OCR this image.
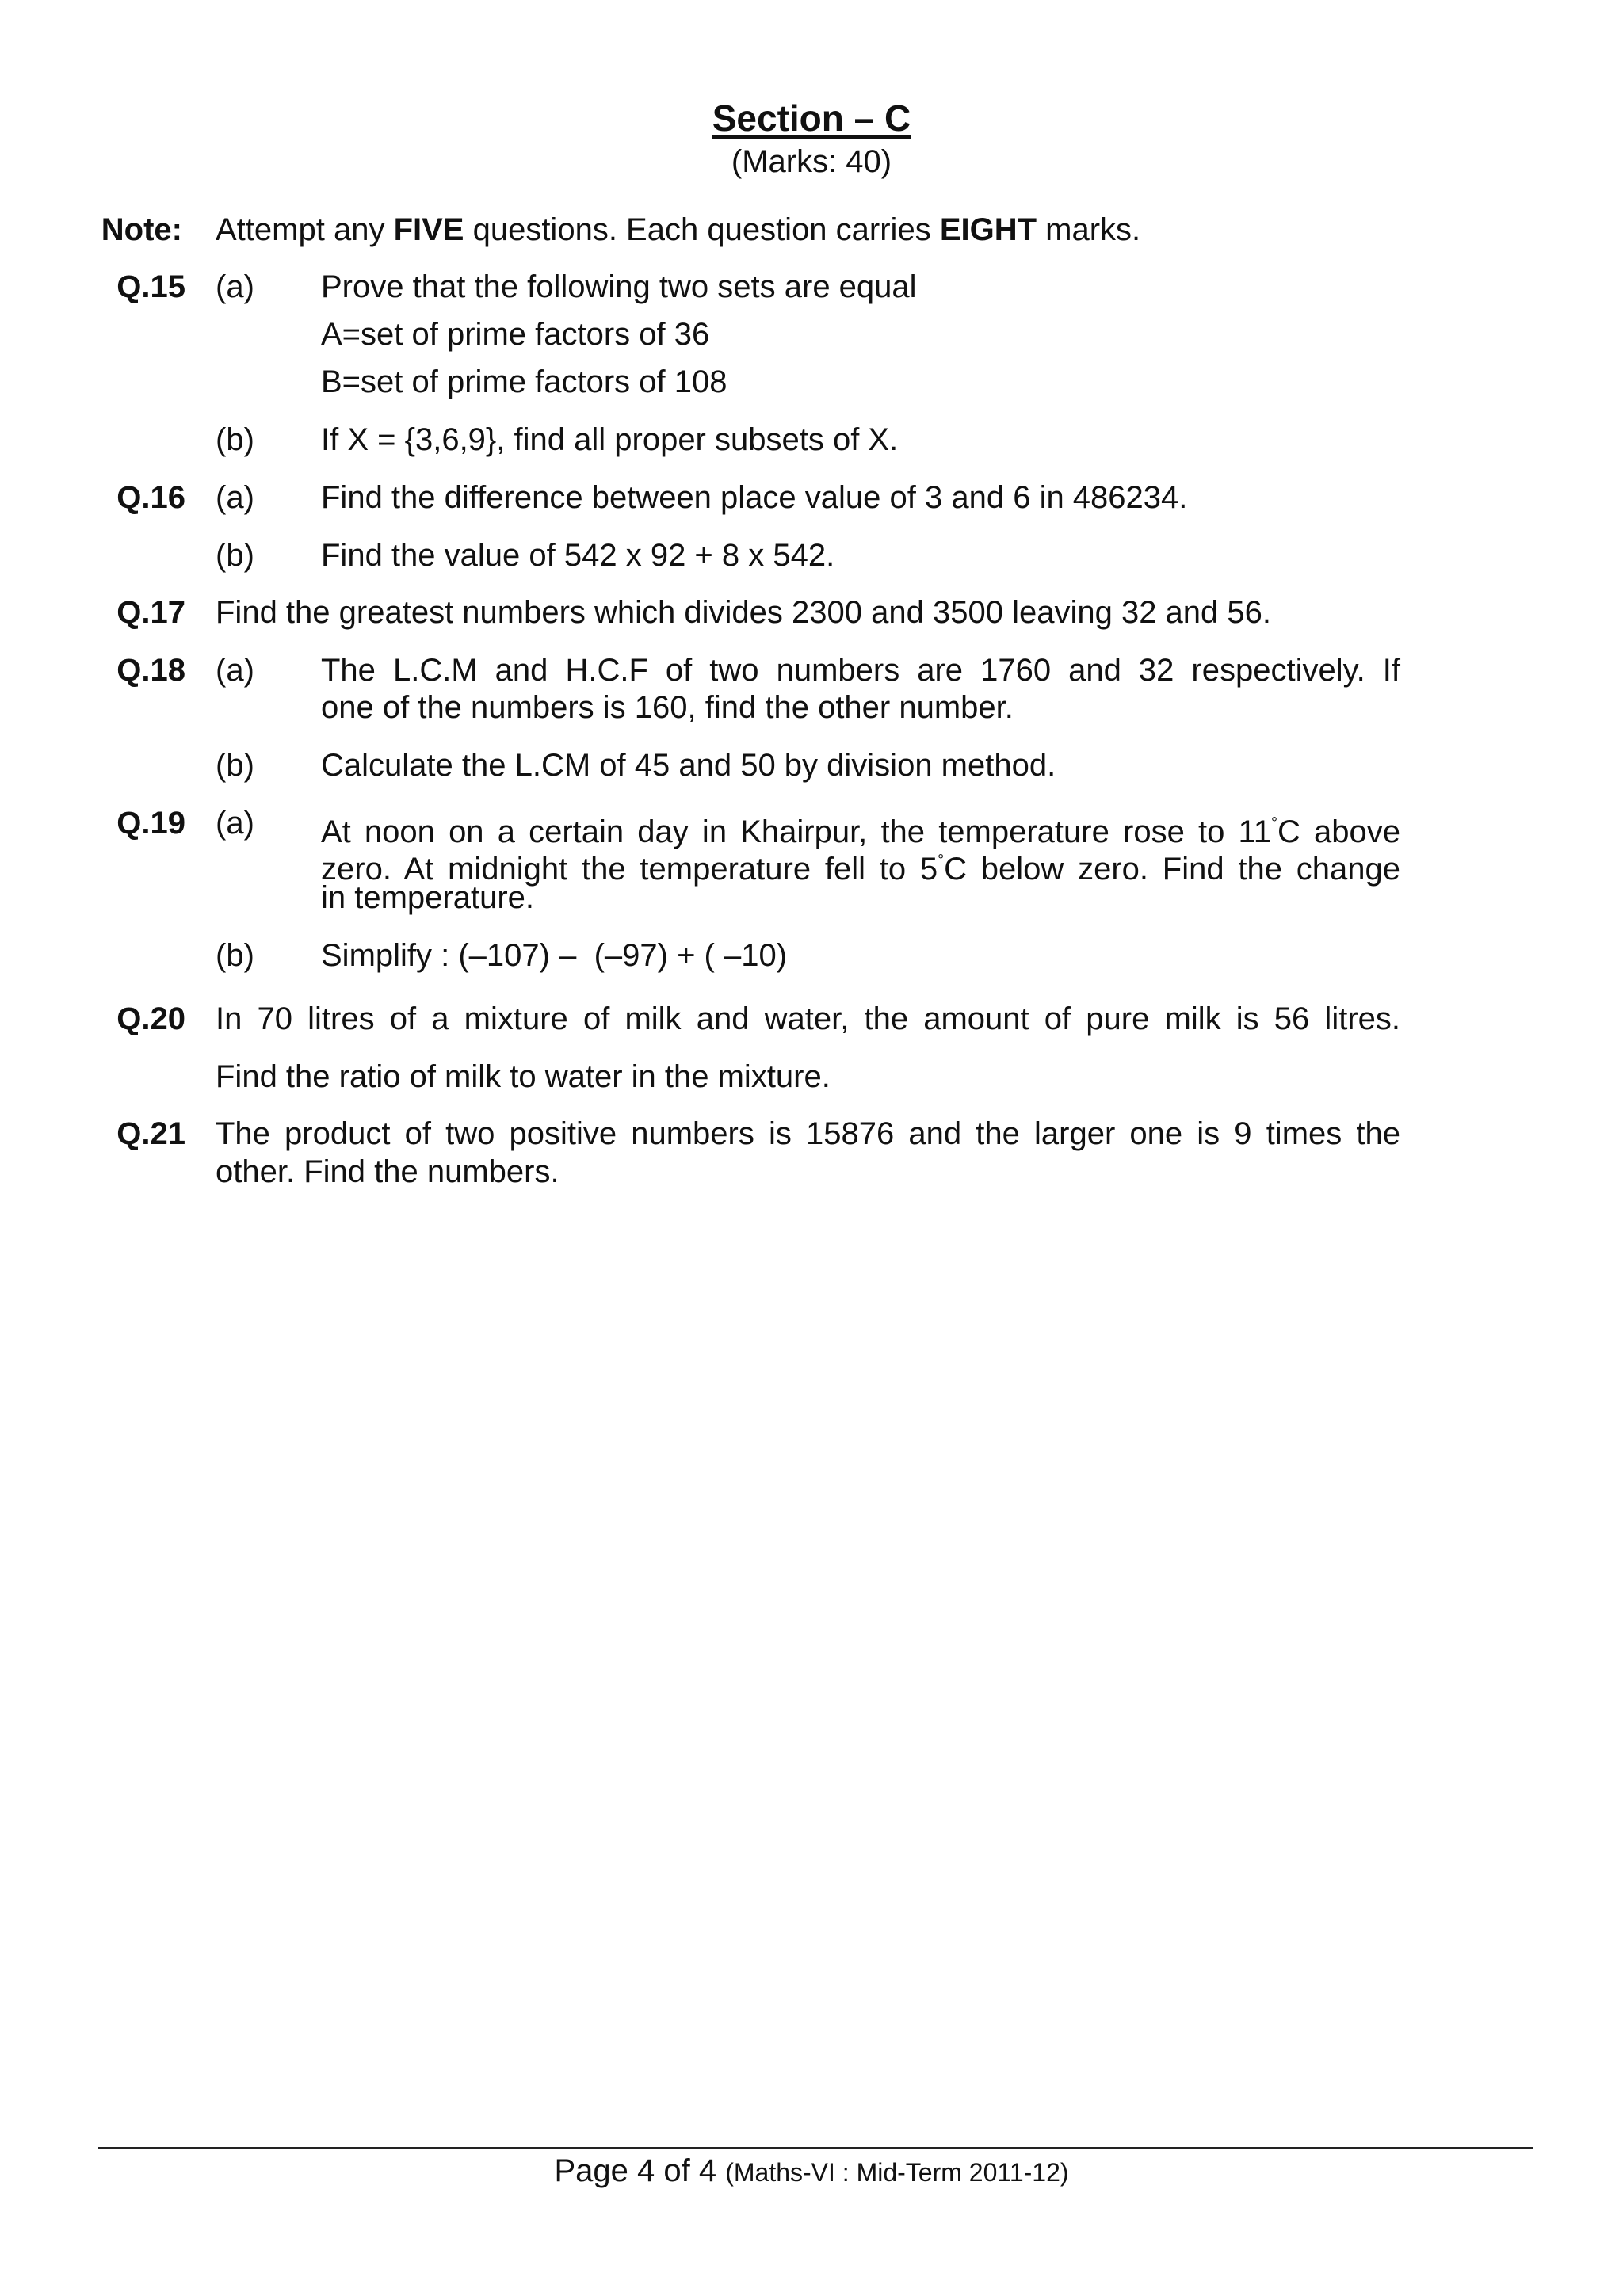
Section – C
(Marks: 40)
Note: Attempt any FIVE questions. Each question carries EIGHT marks.
Q.15 (a) Prove that the following two sets are equal
A=set of prime factors of 36
B=set of prime factors of 108
(b) If X = {3,6,9}, find all proper subsets of X.
Q.16 (a) Find the difference between place value of 3 and 6 in 486234.
(b) Find the value of 542 x 92 + 8 x 542.
Q.17 Find the greatest numbers which divides 2300 and 3500 leaving 32 and 56.
Q.18 (a) The L.C.M and H.C.F of two numbers are 1760 and 32 respectively. If
one of the numbers is 160, find the other number.
(b) Calculate the L.CM of 45 and 50 by division method.
Q.19 (a) At noon on a certain day in Khairpur, the temperature rose to 11°C above
zero. At midnight the temperature fell to 5°C below zero. Find the change
in temperature.
(b) Simplify : (–107) –  (–97) + ( –10)
Q.20 In 70 litres of a mixture of milk and water, the amount of pure milk is 56 litres.
Find the ratio of milk to water in the mixture.
Q.21 The product of two positive numbers is 15876 and the larger one is 9 times the
other. Find the numbers.
Page 4 of 4 (Maths-VI : Mid-Term 2011-12)
